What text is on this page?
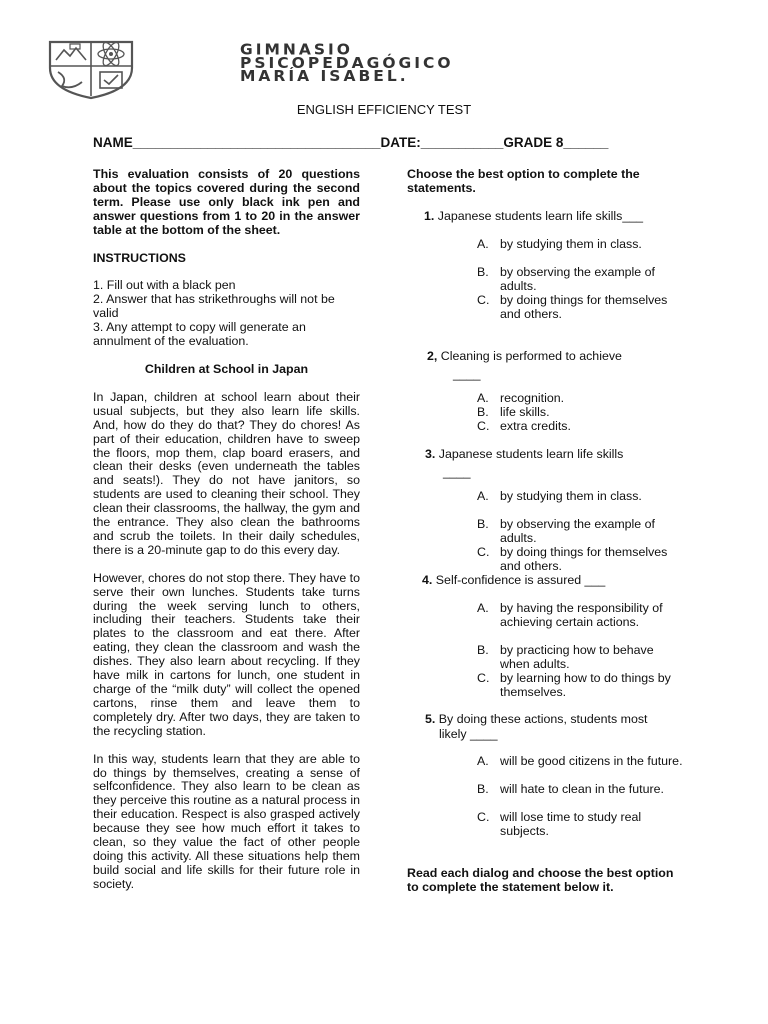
GIMNASIO
PSICOPEDAGÓGICO
MARÍA ISABEL.
ENGLISH EFFICIENCY TEST
NAME_________________________________DATE:___________GRADE 8______

This evaluation consists of 20 questions about the topics covered during the second term. Please use only black ink pen and answer questions from 1 to 20 in the answer table at the bottom of the sheet.

INSTRUCTIONS

1. Fill out with a black pen

2. Answer that has strikethroughs will not be valid

3. Any attempt to copy will generate an annulment of the evaluation.

Children at School in Japan

In Japan, children at school learn about their usual subjects, but they also learn life skills. And, how do they do that? They do chores! As part of their education, children have to sweep the floors, mop them, clap board erasers, and clean their desks (even underneath the tables and seats!). They do not have janitors, so students are used to cleaning their school. They clean their classrooms, the hallway, the gym and the entrance. They also clean the bathrooms and scrub the toilets. In their daily schedules, there is a 20-minute gap to do this every day.

However, chores do not stop there. They have to serve their own lunches. Students take turns during the week serving lunch to others, including their teachers. Students take their plates to the classroom and eat there. After eating, they clean the classroom and wash the dishes. They also learn about recycling. If they have milk in cartons for lunch, one student in charge of the “milk duty” will collect the opened cartons, rinse them and leave them to completely dry. After two days, they are taken to the recycling station.

In this way, students learn that they are able to do things by themselves, creating a sense of selfconfidence. They also learn to be clean as they perceive this routine as a natural process in their education. Respect is also grasped actively because they see how much effort it takes to clean, so they value the fact of other people doing this activity. All these situations help them build social and life skills for their future role in society.

Choose the best option to complete the statements.

1. Japanese students learn life skills___
A. by studying them in class.
B. by observing the example of adults.
C. by doing things for themselves and others.
2, Cleaning is performed to achieve
____
A. recognition.
B. life skills.
C. extra credits.
3. Japanese students learn life skills
____
A. by studying them in class.
B. by observing the example of adults.
C. by doing things for themselves and others.
4. Self-confidence is assured ___
A. by having the responsibility of achieving certain actions.
B. by practicing how to behave when adults.
C. by learning how to do things by themselves.
5. By doing these actions, students most
likely ____
A. will be good citizens in the future.
B. will hate to clean in the future.
C. will lose time to study real subjects.
Read each dialog and choose the best option to complete the statement below it.
